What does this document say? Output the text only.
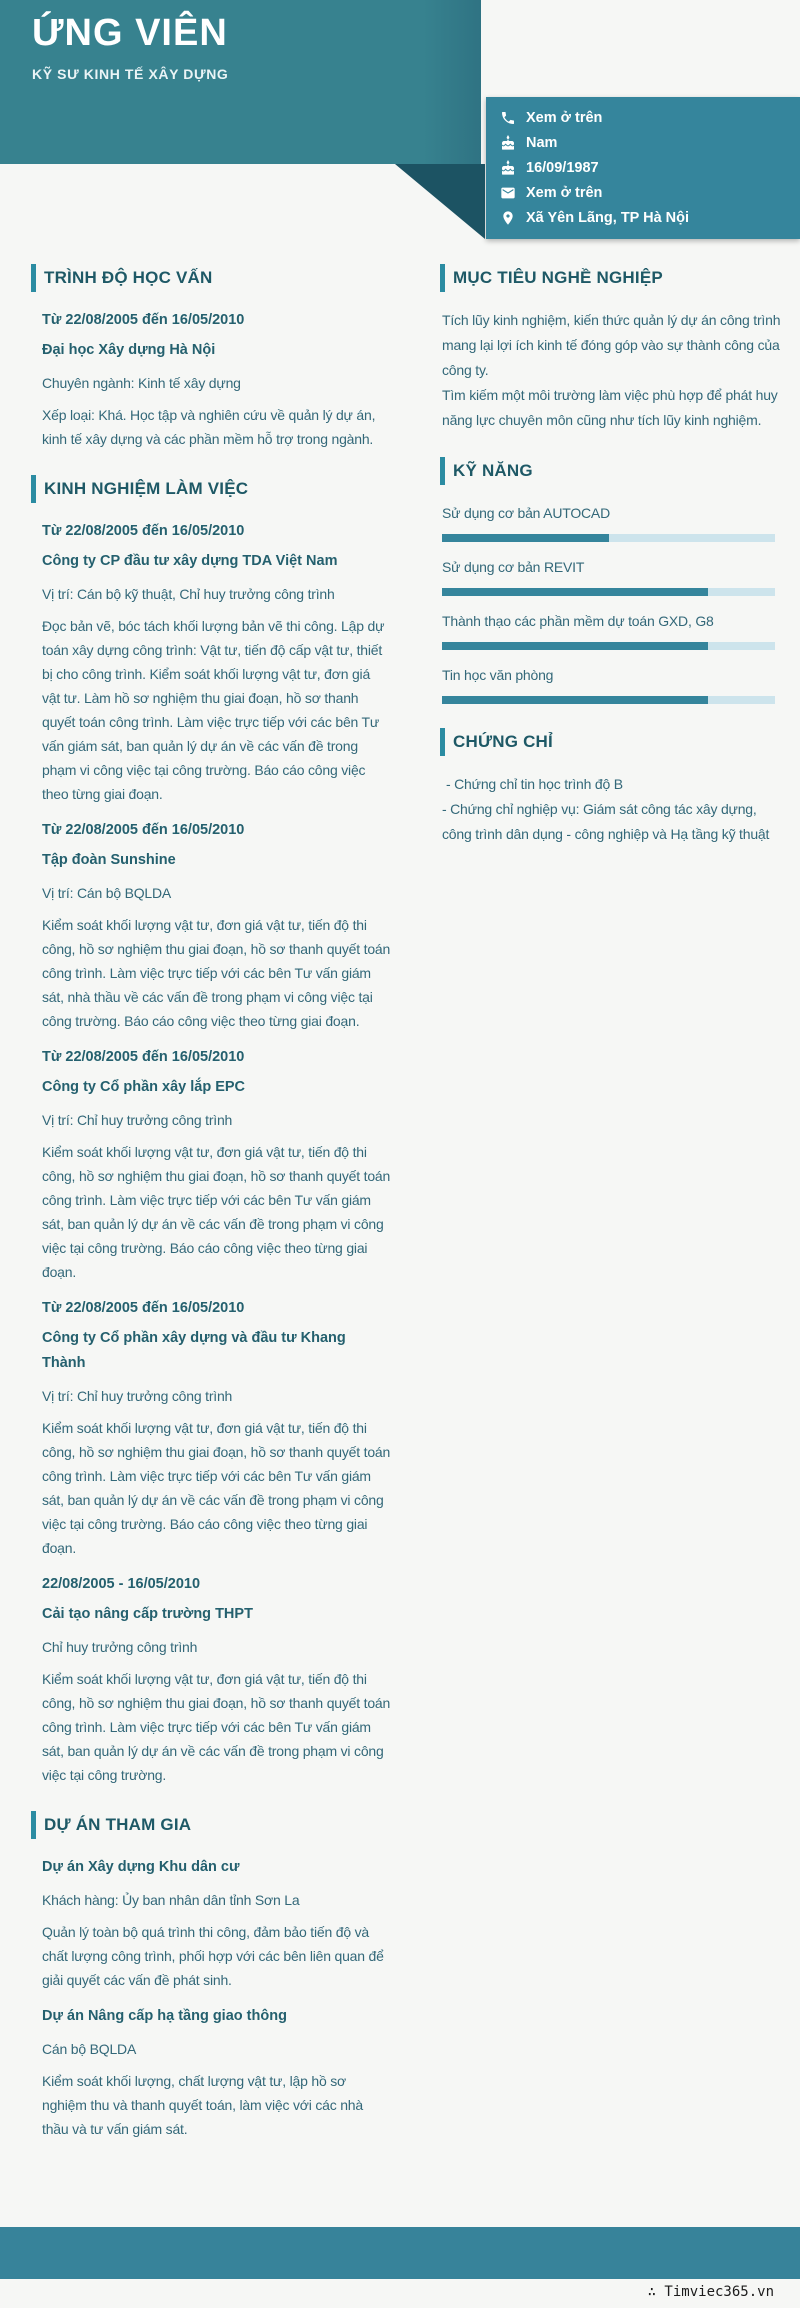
ỨNG VIÊN
KỸ SƯ KINH TẾ XÂY DỰNG
Xem ở trên
Nam
16/09/1987
Xem ở trên
Xã Yên Lãng, TP Hà Nội
TRÌNH ĐỘ HỌC VẤN

Từ 22/08/2005 đến 16/05/2010

Đại học Xây dựng Hà Nội

Chuyên ngành: Kinh tế xây dựng

Xếp loại: Khá. Học tập và nghiên cứu về quản lý dự án, kinh tế xây dựng và các phần mềm hỗ trợ trong ngành.

KINH NGHIỆM LÀM VIỆC

Từ 22/08/2005 đến 16/05/2010

Công ty CP đầu tư xây dựng TDA Việt Nam

Vị trí: Cán bộ kỹ thuật, Chỉ huy trưởng công trình

Đọc bản vẽ, bóc tách khối lượng bản vẽ thi công. Lập dự toán xây dựng công trình: Vật tư, tiến độ cấp vật tư, thiết bị cho công trình. Kiểm soát khối lượng vật tư, đơn giá vật tư. Làm hồ sơ nghiệm thu giai đoạn, hồ sơ thanh quyết toán công trình. Làm việc trực tiếp với các bên Tư vấn giám sát, ban quản lý dự án về các vấn đề trong phạm vi công việc tại công trường. Báo cáo công việc theo từng giai đoạn.

Từ 22/08/2005 đến 16/05/2010

Tập đoàn Sunshine

Vị trí: Cán bộ BQLDA

Kiểm soát khối lượng vật tư, đơn giá vật tư, tiến độ thi công, hồ sơ nghiệm thu giai đoạn, hồ sơ thanh quyết toán công trình. Làm việc trực tiếp với các bên Tư vấn giám sát, nhà thầu về các vấn đề trong phạm vi công việc tại công trường. Báo cáo công việc theo từng giai đoạn.

Từ 22/08/2005 đến 16/05/2010

Công ty Cổ phần xây lắp EPC

Vị trí: Chỉ huy trưởng công trình

Kiểm soát khối lượng vật tư, đơn giá vật tư, tiến độ thi công, hồ sơ nghiệm thu giai đoạn, hồ sơ thanh quyết toán công trình. Làm việc trực tiếp với các bên Tư vấn giám sát, ban quản lý dự án về các vấn đề trong phạm vi công việc tại công trường. Báo cáo công việc theo từng giai đoạn.

Từ 22/08/2005 đến 16/05/2010

Công ty Cổ phần xây dựng và đầu tư Khang Thành

Vị trí: Chỉ huy trưởng công trình

Kiểm soát khối lượng vật tư, đơn giá vật tư, tiến độ thi công, hồ sơ nghiệm thu giai đoạn, hồ sơ thanh quyết toán công trình. Làm việc trực tiếp với các bên Tư vấn giám sát, ban quản lý dự án về các vấn đề trong phạm vi công việc tại công trường. Báo cáo công việc theo từng giai đoạn.

22/08/2005 - 16/05/2010

Cải tạo nâng cấp trường THPT

Chỉ huy trưởng công trình

Kiểm soát khối lượng vật tư, đơn giá vật tư, tiến độ thi công, hồ sơ nghiệm thu giai đoạn, hồ sơ thanh quyết toán công trình. Làm việc trực tiếp với các bên Tư vấn giám sát, ban quản lý dự án về các vấn đề trong phạm vi công việc tại công trường.

DỰ ÁN THAM GIA

Dự án Xây dựng Khu dân cư

Khách hàng: Ủy ban nhân dân tỉnh Sơn La

Quản lý toàn bộ quá trình thi công, đảm bảo tiến độ và chất lượng công trình, phối hợp với các bên liên quan để giải quyết các vấn đề phát sinh.

Dự án Nâng cấp hạ tầng giao thông

Cán bộ BQLDA

Kiểm soát khối lượng, chất lượng vật tư, lập hồ sơ nghiệm thu và thanh quyết toán, làm việc với các nhà thầu và tư vấn giám sát.

MỤC TIÊU NGHỀ NGHIỆP

Tích lũy kinh nghiệm, kiến thức quản lý dự án công trình mang lại lợi ích kinh tế đóng góp vào sự thành công của công ty.

Tìm kiếm một môi trường làm việc phù hợp để phát huy năng lực chuyên môn cũng như tích lũy kinh nghiệm.

KỸ NĂNG

Sử dụng cơ bản AUTOCAD

Sử dụng cơ bản REVIT

Thành thạo các phần mềm dự toán GXD, G8

Tin học văn phòng

CHỨNG CHỈ
- Chứng chỉ tin học trình độ B
- Chứng chỉ nghiệp vụ: Giám sát công tác xây dựng, công trình dân dụng - công nghiệp và Hạ tầng kỹ thuật
∴ Timviec365.vn
